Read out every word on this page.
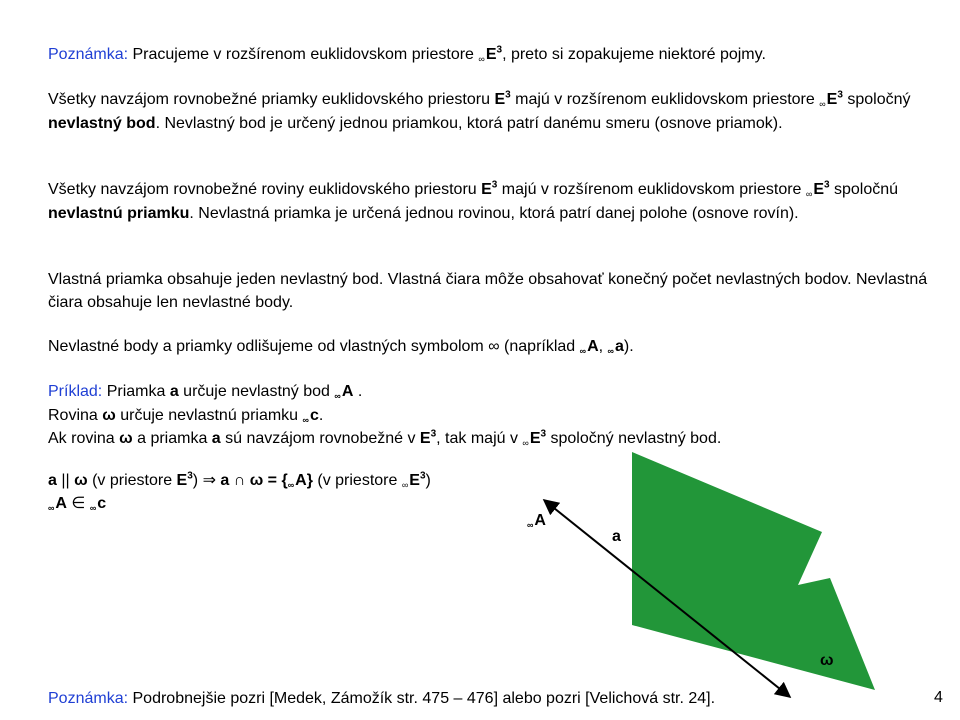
Poznámka: Pracujeme v rozšírenom euklidovskom priestore $\infty E^3$, preto si zopakujeme niektoré pojmy.

Všetky navzájom rovnobežné priamky euklidovského priestoru $E^3$ majú v rozšírenom euklidovskom priestore $\infty E^3$ spoločný nevlastný bod. Nevlastný bod je určený jednou priamkou, ktorá patrí danému smeru (osnove priamok).

Všetky navzájom rovnobežné roviny euklidovského priestoru $E^3$ majú v rozšírenom euklidovskom priestore $\infty E^3$ spoločnú nevlastnú priamku. Nevlastná priamka je určená jednou rovinou, ktorá patrí danej polohe (osnove rovín).

Vlastná priamka obsahuje jeden nevlastný bod. Vlastná čiara môže obsahovať konečný počet nevlastných bodov. Nevlastná čiara obsahuje len nevlastné body.

Nevlastné body a priamky odlišujeme od vlastných symbolom ∞ (napríklad ∞A, ∞a).

Príklad: Priamka a určuje nevlastný bod ∞A .
Rovina ω určuje nevlastnú priamku ∞c.
Ak rovina ω a priamka a sú navzájom rovnobežné v $E^3$, tak majú v $\infty E^3$ spoločný nevlastný bod.

a || ω (v priestore $E^3$) ⇒ a ∩ ω = {∞A} (v priestore $\infty E^3$)

∞A ∈ ∞c

∞A
a
ω

Poznámka: Podrobnejšie pozri [Medek, Zámožík str. 475 – 476] alebo pozri [Velichová str. 24].	4
